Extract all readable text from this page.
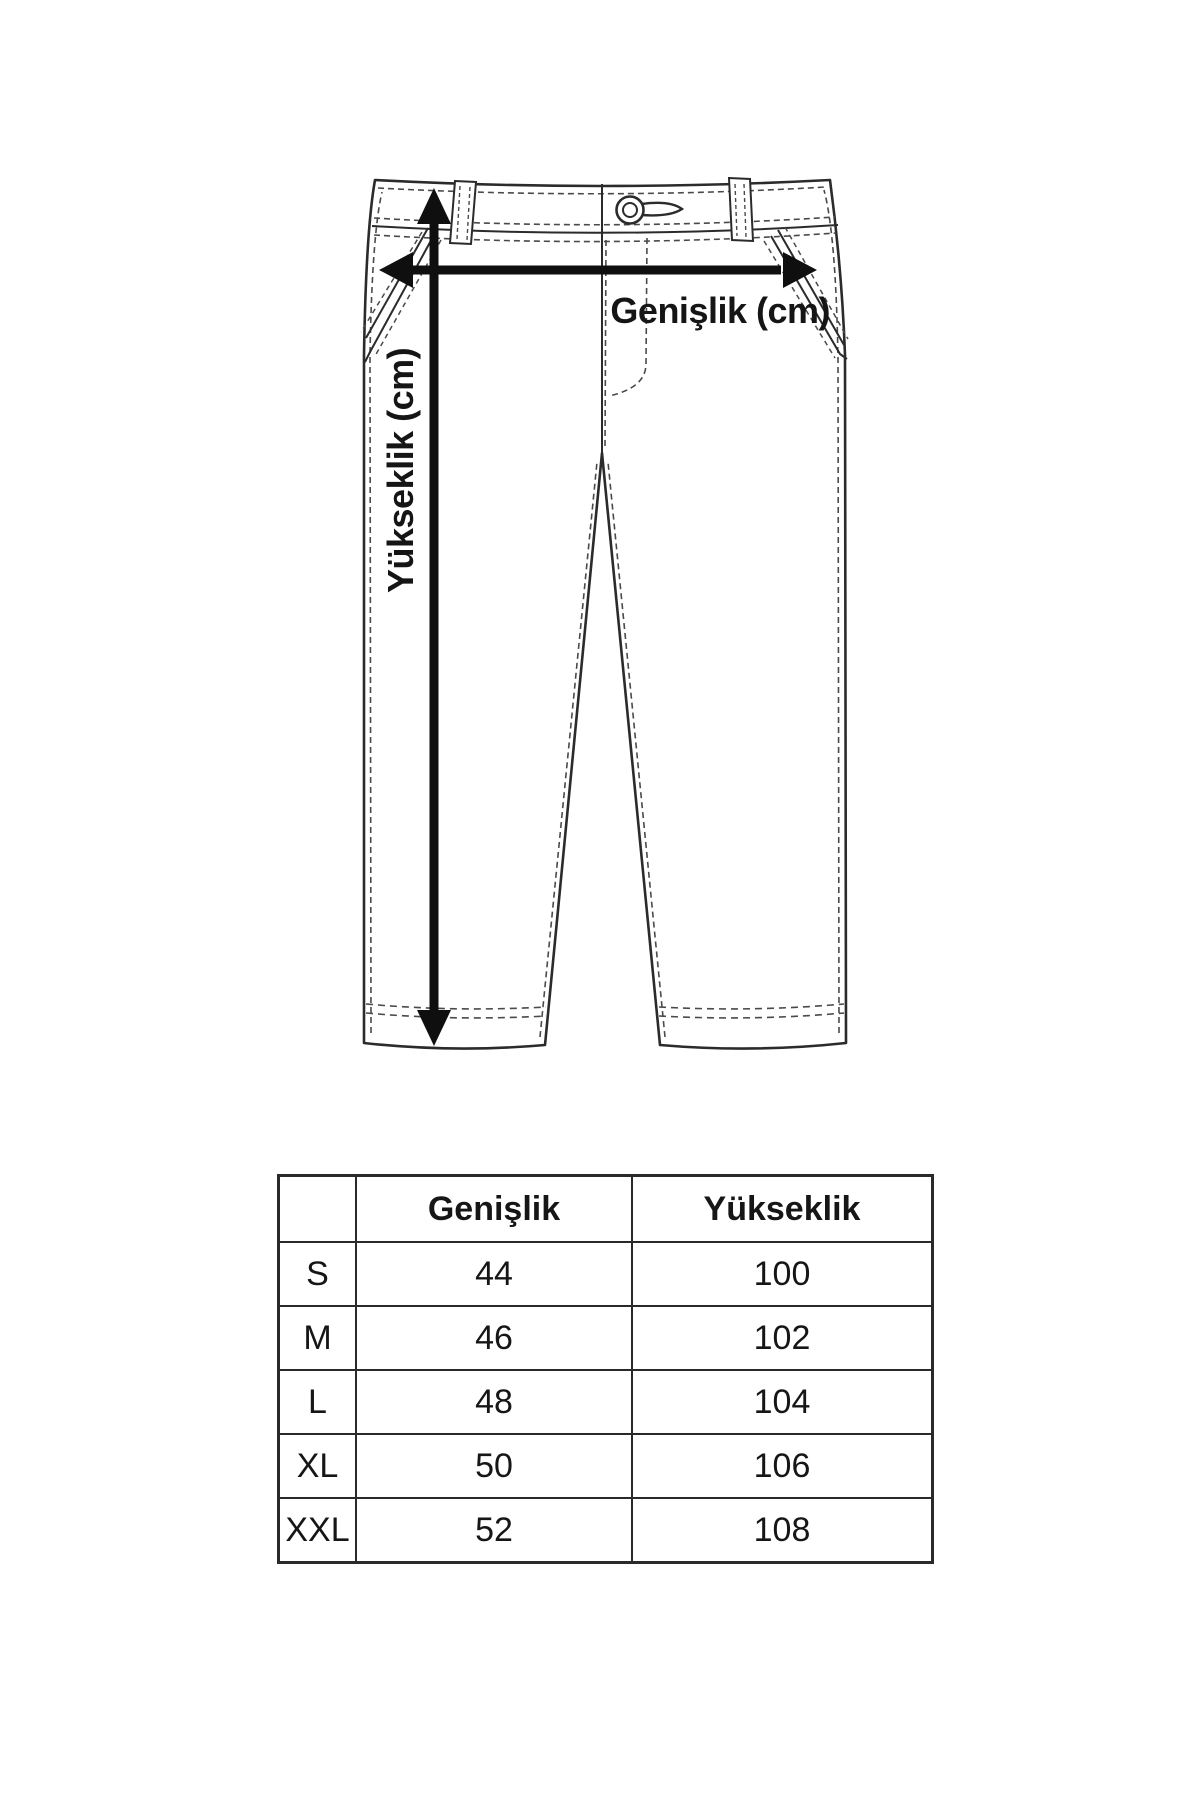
Genişlik (cm)
Yükseklik (cm)
	Genişlik	Yükseklik
S	44	100
M	46	102
L	48	104
XL	50	106
XXL	52	108
